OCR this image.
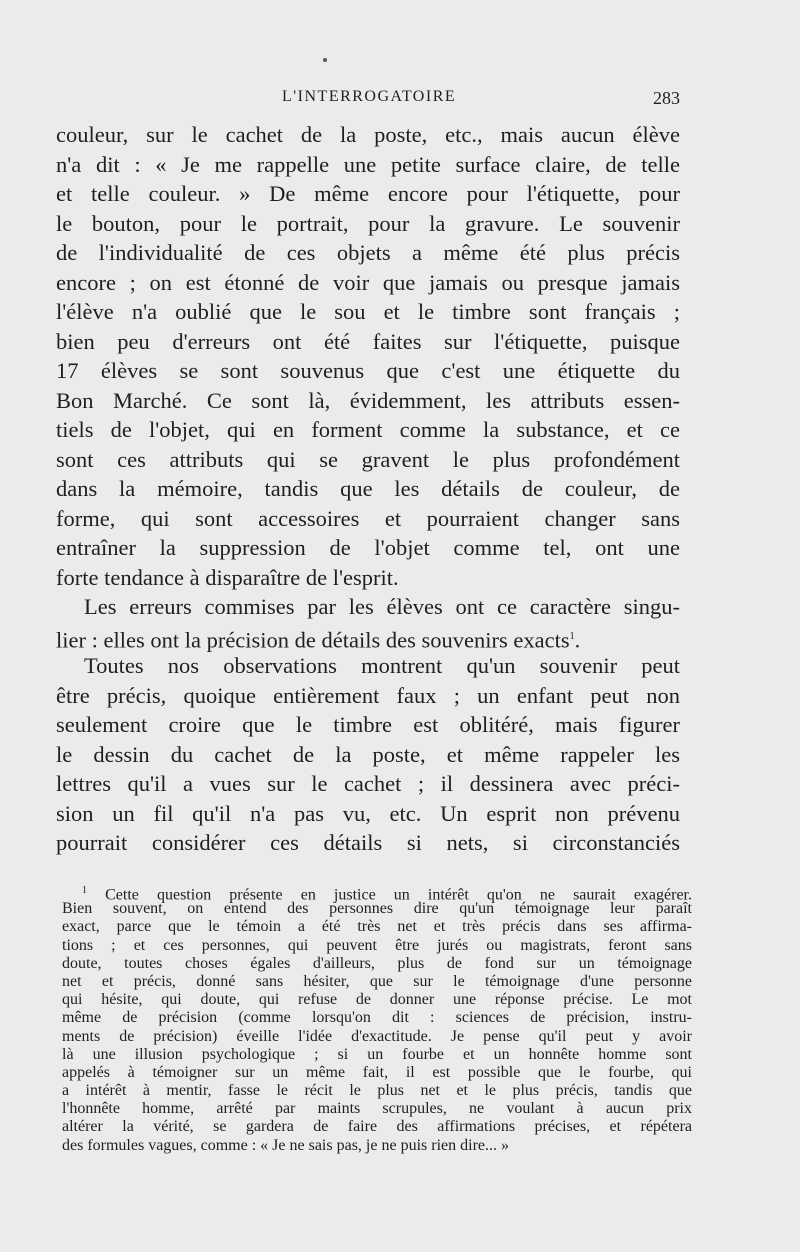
L'INTERROGATOIRE	283

couleur, sur le cachet de la poste, etc., mais aucun élève

n'a dit : « Je me rappelle une petite surface claire, de telle

et telle couleur. » De même encore pour l'étiquette, pour

le bouton, pour le portrait, pour la gravure. Le souvenir

de l'individualité de ces objets a même été plus précis

encore ; on est étonné de voir que jamais ou presque jamais

l'élève n'a oublié que le sou et le timbre sont français ;

bien peu d'erreurs ont été faites sur l'étiquette, puisque

17 élèves se sont souvenus que c'est une étiquette du

Bon Marché. Ce sont là, évidemment, les attributs essen-

tiels de l'objet, qui en forment comme la substance, et ce

sont ces attributs qui se gravent le plus profondément

dans la mémoire, tandis que les détails de couleur, de

forme, qui sont accessoires et pourraient changer sans

entraîner la suppression de l'objet comme tel, ont une

forte tendance à disparaître de l'esprit.

Les erreurs commises par les élèves ont ce caractère singu-

lier : elles ont la précision de détails des souvenirs exacts$^1$.

Toutes nos observations montrent qu'un souvenir peut

être précis, quoique entièrement faux ; un enfant peut non

seulement croire que le timbre est oblitéré, mais figurer

le dessin du cachet de la poste, et même rappeler les

lettres qu'il a vues sur le cachet ; il dessinera avec préci-

sion un fil qu'il n'a pas vu, etc. Un esprit non prévenu

pourrait considérer ces détails si nets, si circonstanciés

$^1$ Cette question présente en justice un intérêt qu'on ne saurait exagérer.

Bien souvent, on entend des personnes dire qu'un témoignage leur paraît

exact, parce que le témoin a été très net et très précis dans ses affirma-

tions ; et ces personnes, qui peuvent être jurés ou magistrats, feront sans

doute, toutes choses égales d'ailleurs, plus de fond sur un témoignage

net et précis, donné sans hésiter, que sur le témoignage d'une personne

qui hésite, qui doute, qui refuse de donner une réponse précise. Le mot

même de précision (comme lorsqu'on dit : sciences de précision, instru-

ments de précision) éveille l'idée d'exactitude. Je pense qu'il peut y avoir

là une illusion psychologique ; si un fourbe et un honnête homme sont

appelés à témoigner sur un même fait, il est possible que le fourbe, qui

a intérêt à mentir, fasse le récit le plus net et le plus précis, tandis que

l'honnête homme, arrêté par maints scrupules, ne voulant à aucun prix

altérer la vérité, se gardera de faire des affirmations précises, et répétera

des formules vagues, comme : « Je ne sais pas, je ne puis rien dire... »
